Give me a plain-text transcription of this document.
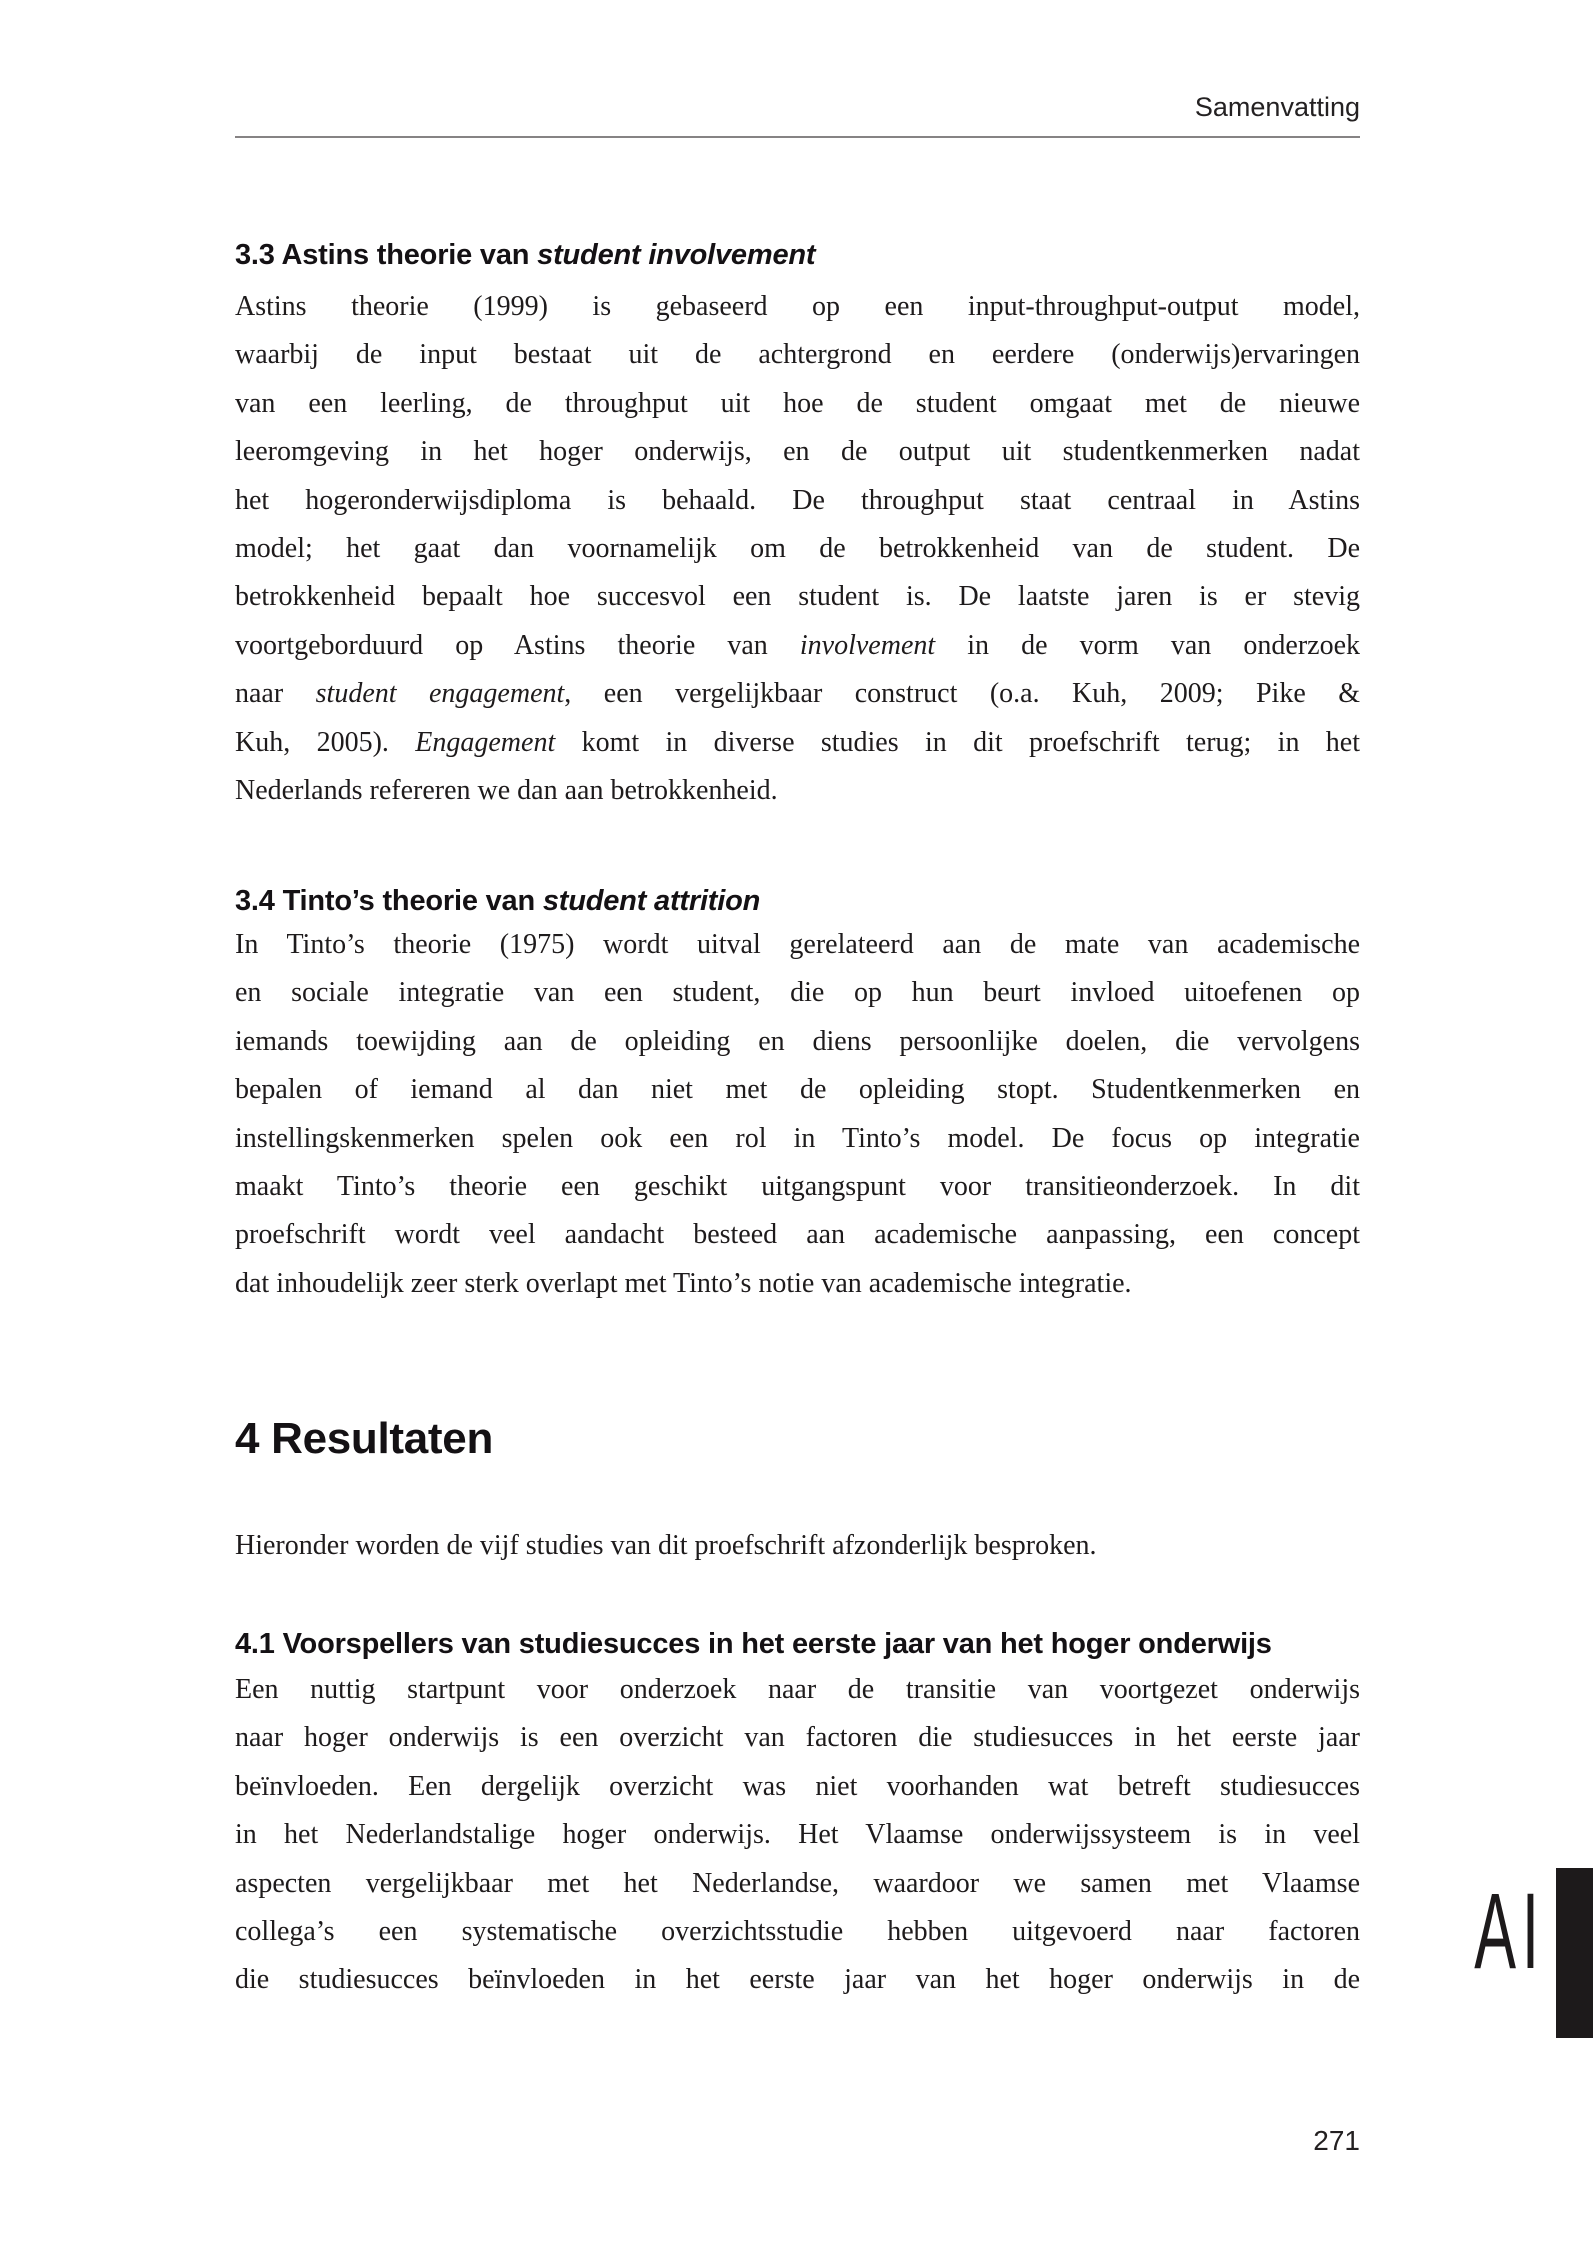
Samenvatting
3.3 Astins theorie van student involvement
Astins theorie (1999) is gebaseerd op een input-throughput-output model,
waarbij de input bestaat uit de achtergrond en eerdere (onderwijs)ervaringen
van een leerling, de throughput uit hoe de student omgaat met de nieuwe
leeromgeving in het hoger onderwijs, en de output uit studentkenmerken nadat
het hogeronderwijsdiploma is behaald. De throughput staat centraal in Astins
model; het gaat dan voornamelijk om de betrokkenheid van de student. De
betrokkenheid bepaalt hoe succesvol een student is. De laatste jaren is er stevig
voortgeborduurd op Astins theorie van involvement in de vorm van onderzoek
naar student engagement, een vergelijkbaar construct (o.a. Kuh, 2009; Pike &
Kuh, 2005). Engagement komt in diverse studies in dit proefschrift terug; in het
Nederlands refereren we dan aan betrokkenheid.
3.4 Tinto’s theorie van student attrition
In Tinto’s theorie (1975) wordt uitval gerelateerd aan de mate van academische
en sociale integratie van een student, die op hun beurt invloed uitoefenen op
iemands toewijding aan de opleiding en diens persoonlijke doelen, die vervolgens
bepalen of iemand al dan niet met de opleiding stopt. Studentkenmerken en
instellingskenmerken spelen ook een rol in Tinto’s model. De focus op integratie
maakt Tinto’s theorie een geschikt uitgangspunt voor transitieonderzoek. In dit
proefschrift wordt veel aandacht besteed aan academische aanpassing, een concept
dat inhoudelijk zeer sterk overlapt met Tinto’s notie van academische integratie.
4 Resultaten
Hieronder worden de vijf studies van dit proefschrift afzonderlijk besproken.
4.1 Voorspellers van studiesucces in het eerste jaar van het hoger onderwijs
Een nuttig startpunt voor onderzoek naar de transitie van voortgezet onderwijs
naar hoger onderwijs is een overzicht van factoren die studiesucces in het eerste jaar
beïnvloeden. Een dergelijk overzicht was niet voorhanden wat betreft studiesucces
in het Nederlandstalige hoger onderwijs. Het Vlaamse onderwijssysteem is in veel
aspecten vergelijkbaar met het Nederlandse, waardoor we samen met Vlaamse
collega’s een systematische overzichtsstudie hebben uitgevoerd naar factoren
die studiesucces beïnvloeden in het eerste jaar van het hoger onderwijs in de AI
271
